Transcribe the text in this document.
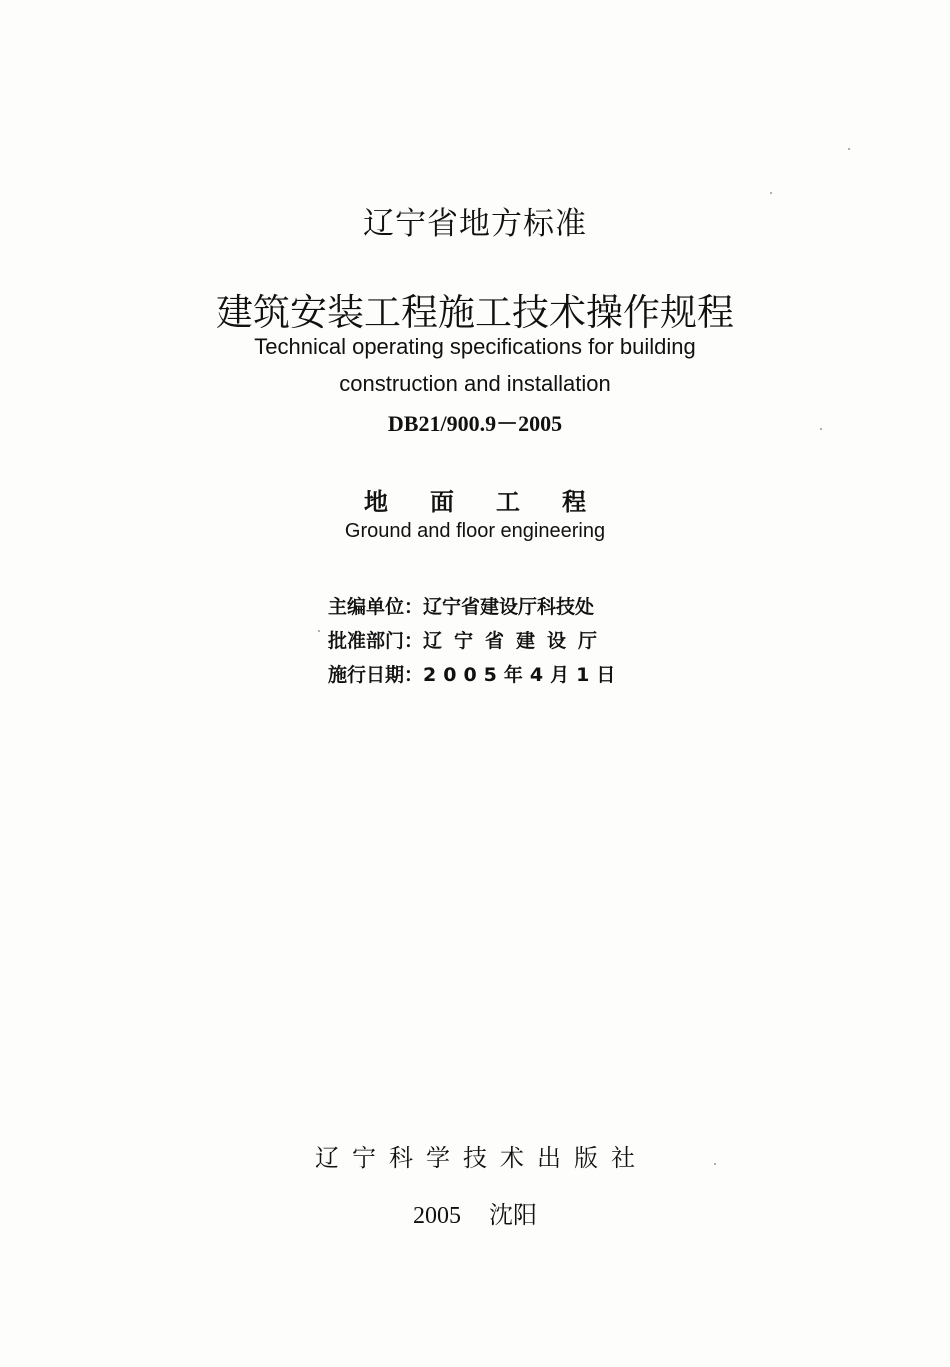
辽宁省地方标准
建筑安装工程施工技术操作规程
Technical operating specifications for building
construction and installation
DB21/900.9－2005
地面工程
Ground and floor engineering
主编单位：辽宁省建设厅科技处
批准部门：辽宁省建设厅
施行日期：2005年4月1日
辽宁科学技术出版社
2005 沈阳
